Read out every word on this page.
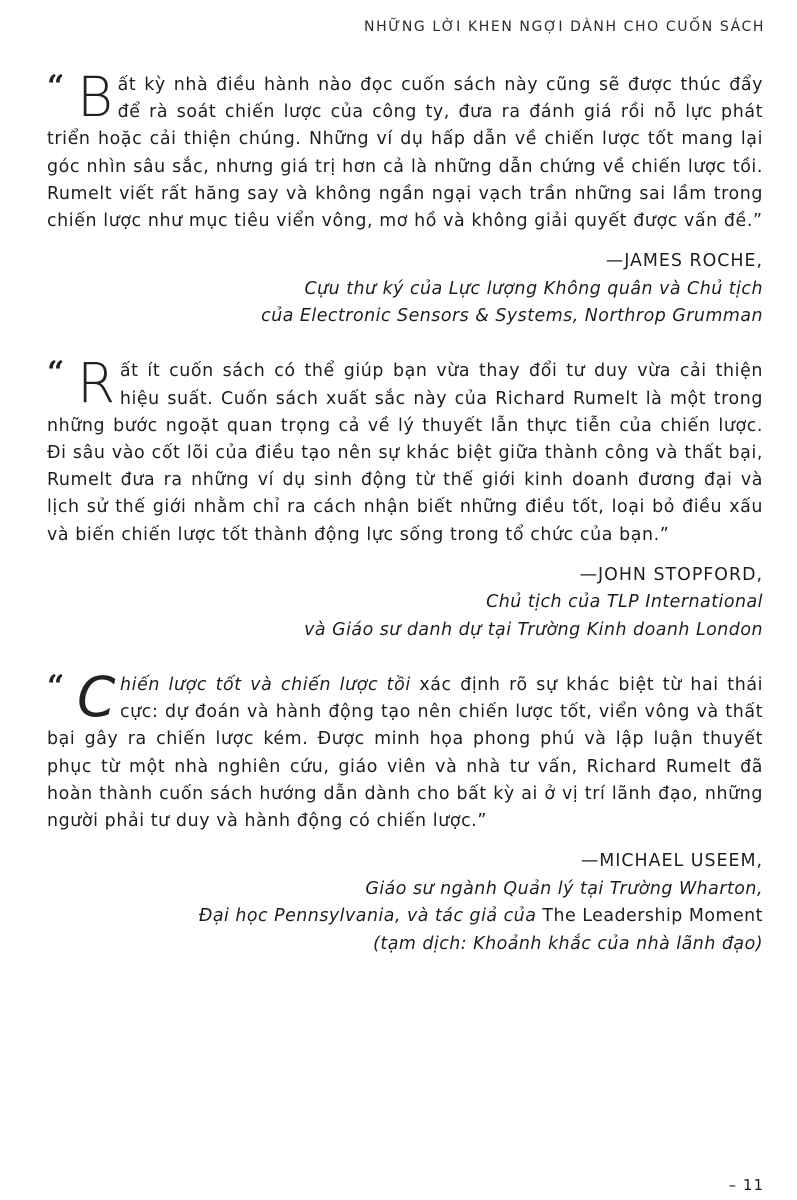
NHỮNG LỜI KHEN NGỢI DÀNH CHO CUỐN SÁCH

“ B ất kỳ nhà điều hành nào đọc cuốn sách này cũng sẽ được thúc đẩy để rà soát chiến lược của công ty, đưa ra đánh giá rồi nỗ lực phát triển hoặc cải thiện chúng. Những ví dụ hấp dẫn về chiến lược tốt mang lại góc nhìn sâu sắc, nhưng giá trị hơn cả là những dẫn chứng về chiến lược tồi. Rumelt viết rất hăng say và không ngần ngại vạch trần những sai lầm trong chiến lược như mục tiêu viển vông, mơ hồ và không giải quyết được vấn đề.”

—JAMES ROCHE,
Cựu thư ký của Lực lượng Không quân và Chủ tịch
của Electronic Sensors & Systems, Northrop Grumman

“ R ất ít cuốn sách có thể giúp bạn vừa thay đổi tư duy vừa cải thiện hiệu suất. Cuốn sách xuất sắc này của Richard Rumelt là một trong những bước ngoặt quan trọng cả về lý thuyết lẫn thực tiễn của chiến lược. Đi sâu vào cốt lõi của điều tạo nên sự khác biệt giữa thành công và thất bại, Rumelt đưa ra những ví dụ sinh động từ thế giới kinh doanh đương đại và lịch sử thế giới nhằm chỉ ra cách nhận biết những điều tốt, loại bỏ điều xấu và biến chiến lược tốt thành động lực sống trong tổ chức của bạn.”

—JOHN STOPFORD,
Chủ tịch của TLP International
và Giáo sư danh dự tại Trường Kinh doanh London

“ C hiến lược tốt và chiến lược tồi xác định rõ sự khác biệt từ hai thái cực: dự đoán và hành động tạo nên chiến lược tốt, viển vông và thất bại gây ra chiến lược kém. Được minh họa phong phú và lập luận thuyết phục từ một nhà nghiên cứu, giáo viên và nhà tư vấn, Richard Rumelt đã hoàn thành cuốn sách hướng dẫn dành cho bất kỳ ai ở vị trí lãnh đạo, những người phải tư duy và hành động có chiến lược.”

—MICHAEL USEEM,
Giáo sư ngành Quản lý tại Trường Wharton,
Đại học Pennsylvania, và tác giả của The Leadership Moment
(tạm dịch: Khoảnh khắc của nhà lãnh đạo)
– 11
